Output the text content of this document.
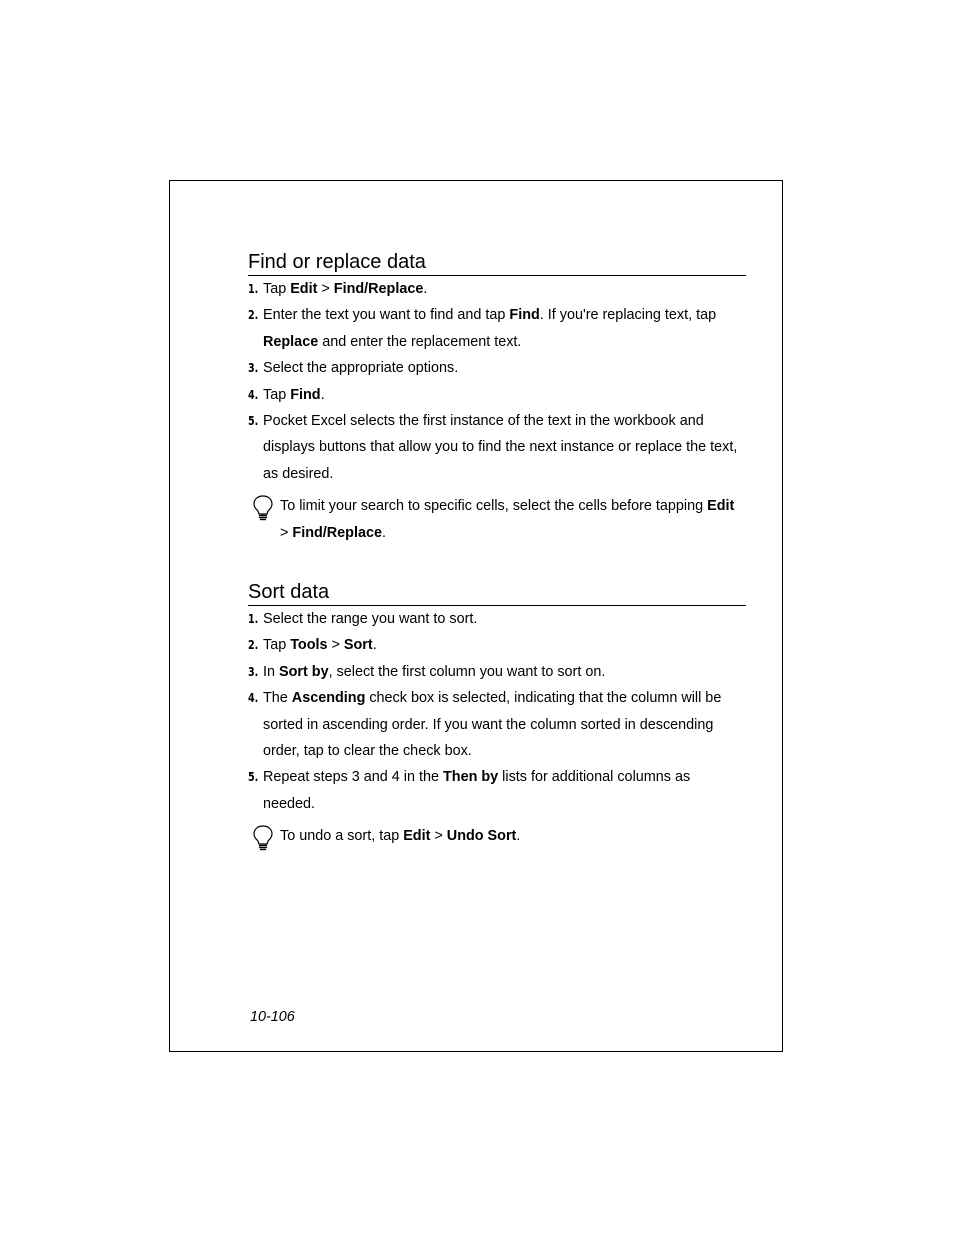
Find or replace data
1. Tap Edit > Find/Replace.

2. Enter the text you want to find and tap Find. If you're replacing text, tap Replace and enter the replacement text.

3. Select the appropriate options.

4. Tap Find.

5. Pocket Excel selects the first instance of the text in the workbook and displays buttons that allow you to find the next instance or replace the text, as desired.

To limit your search to specific cells, select the cells before tapping Edit > Find/Replace.
Sort data
1. Select the range you want to sort.

2. Tap Tools > Sort.

3. In Sort by, select the first column you want to sort on.

4. The Ascending check box is selected, indicating that the column will be sorted in ascending order. If you want the column sorted in descending order, tap to clear the check box.

5. Repeat steps 3 and 4 in the Then by lists for additional columns as needed.

To undo a sort, tap Edit > Undo Sort.
10-106
